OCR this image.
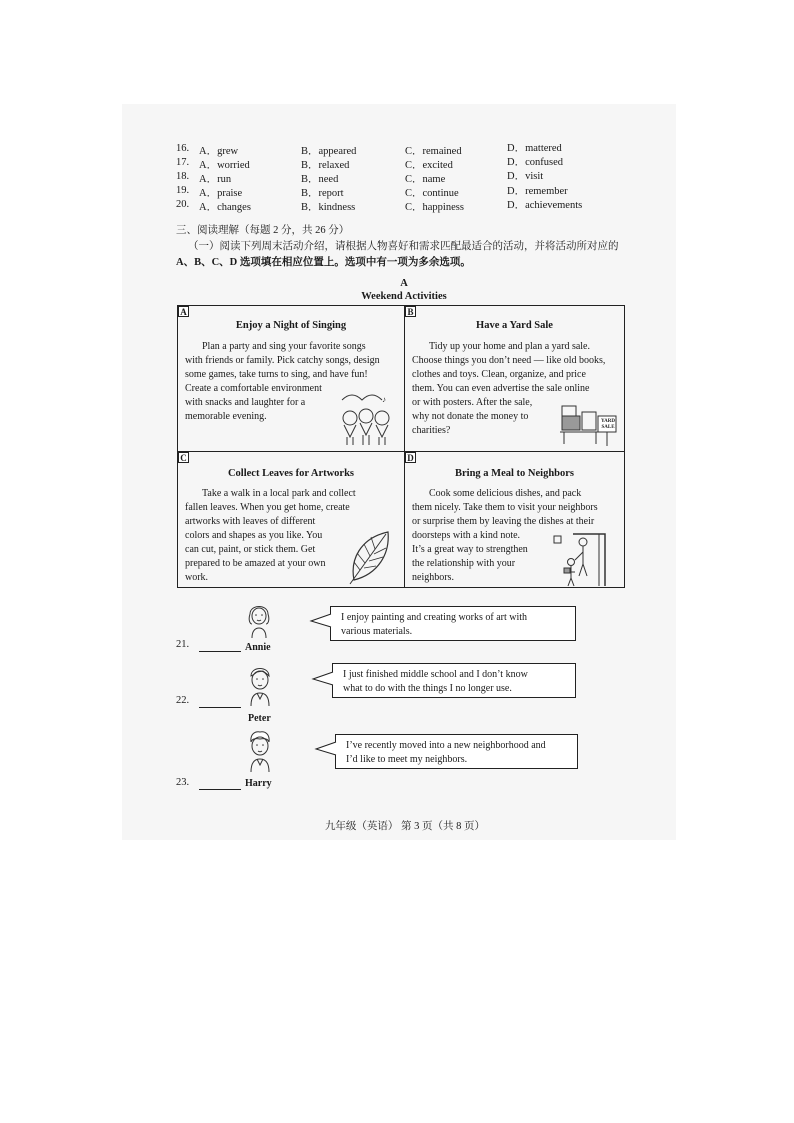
16. A．grew	B．appeared	C．remained	D．mattered
17. A．worried	B．relaxed	C．excited	D．confused
18. A．run	B．need	C．name	D．visit
19. A．praise	B．report	C．continue	D．remember
20. A．changes	B．kindness	C．happiness	D．achievements
三、阅读理解（每题 2 分，共 26 分）
（一）阅读下列周末活动介绍，请根据人物喜好和需求匹配最适合的活动，并将活动所对应的
A、B、C、D 选项填在相应位置上。选项中有一项为多余选项。
A
Weekend Activities
A
Enjoy a Night of Singing
Plan a party and sing your favorite songs
with friends or family. Pick catchy songs, design
some games, take turns to sing, and have fun!
Create a comfortable environment
with snacks and laughter for a
memorable evening.
♪
B
Have a Yard Sale
Tidy up your home and plan a yard sale.
Choose things you don’t need — like old books,
clothes and toys. Clean, organize, and price
them. You can even advertise the sale online
or with posters. After the sale,
why not donate the money to
charities?
YARD SALE
C
Collect Leaves for Artworks
Take a walk in a local park and collect
fallen leaves. When you get home, create
artworks with leaves of different
colors and shapes as you like. You
can cut, paint, or stick them. Get
prepared to be amazed at your own
work.
D
Bring a Meal to Neighbors
Cook some delicious dishes, and pack
them nicely. Take them to visit your neighbors
or surprise them by leaving the dishes at their
doorsteps with a kind note.
It’s a great way to strengthen
the relationship with your
neighbors.
Annie
21.
I enjoy painting and creating works of art with
various materials.
Peter
22.
I just finished middle school and I don’t know
what to do with the things I no longer use.
Harry
23.
I’ve recently moved into a new neighborhood and
I’d like to meet my neighbors.
九年级（英语） 第 3 页（共 8 页）
